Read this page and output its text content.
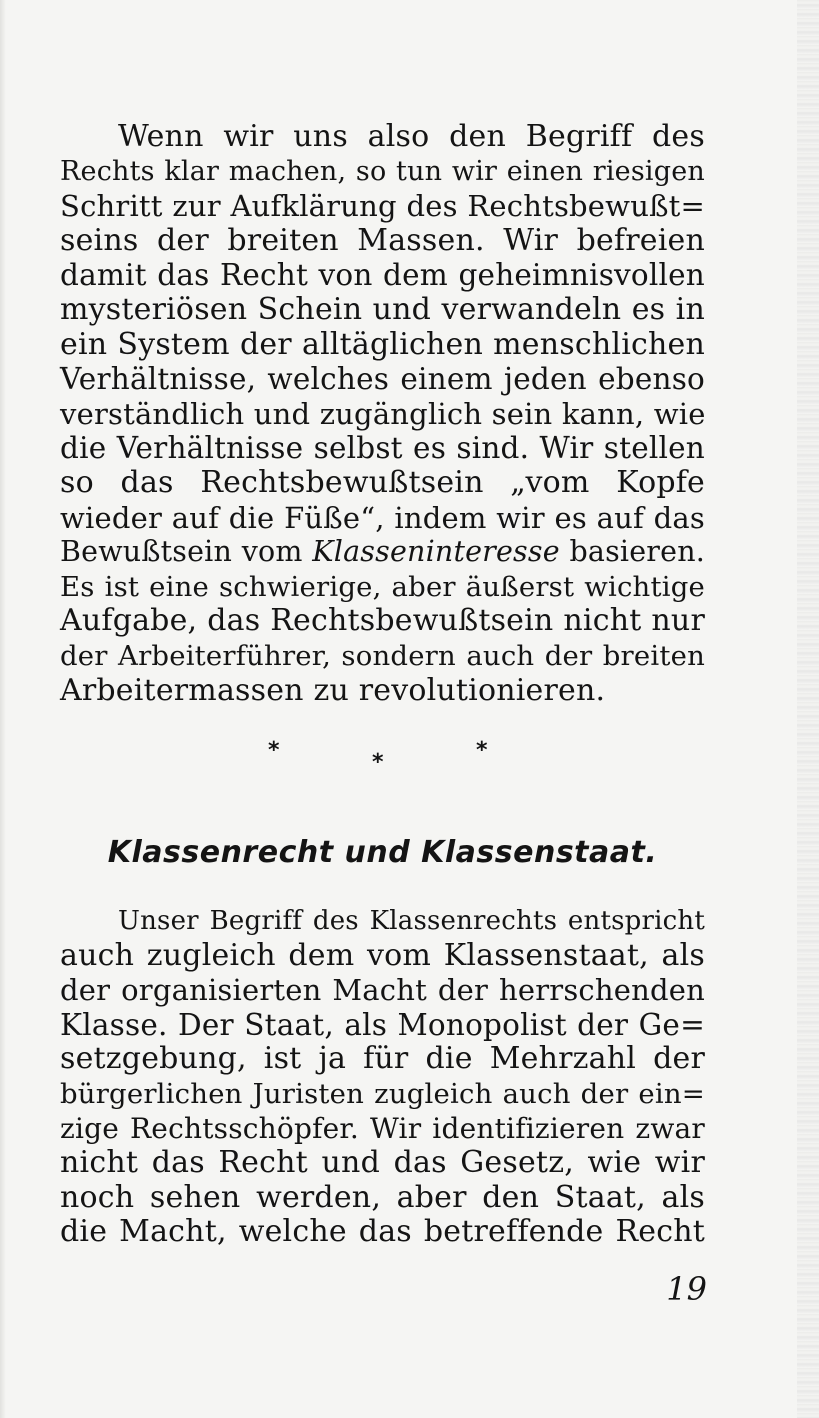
Wenn wir uns also den Begriff des
Rechts klar machen, so tun wir einen riesigen
Schritt zur Aufklärung des Rechtsbewußt=
seins der breiten Massen. Wir befreien
damit das Recht von dem geheimnisvollen
mysteriösen Schein und verwandeln es in
ein System der alltäglichen menschlichen
Verhältnisse, welches einem jeden ebenso
verständlich und zugänglich sein kann, wie
die Verhältnisse selbst es sind. Wir stellen
so das Rechtsbewußtsein „vom Kopfe
wieder auf die Füße“, indem wir es auf das
Bewußtsein vom Klasseninteresse basieren.
Es ist eine schwierige, aber äußerst wichtige
Aufgabe, das Rechtsbewußtsein nicht nur
der Arbeiterführer, sondern auch der breiten
Arbeitermassen zu revolutionieren.
*	*	*
Klassenrecht und Klassenstaat.
Unser Begriff des Klassenrechts entspricht
auch zugleich dem vom Klassenstaat, als
der organisierten Macht der herrschenden
Klasse. Der Staat, als Monopolist der Ge=
setzgebung, ist ja für die Mehrzahl der
bürgerlichen Juristen zugleich auch der ein=
zige Rechtsschöpfer. Wir identifizieren zwar
nicht das Recht und das Gesetz, wie wir
noch sehen werden, aber den Staat, als
die Macht, welche das betreffende Recht
19
